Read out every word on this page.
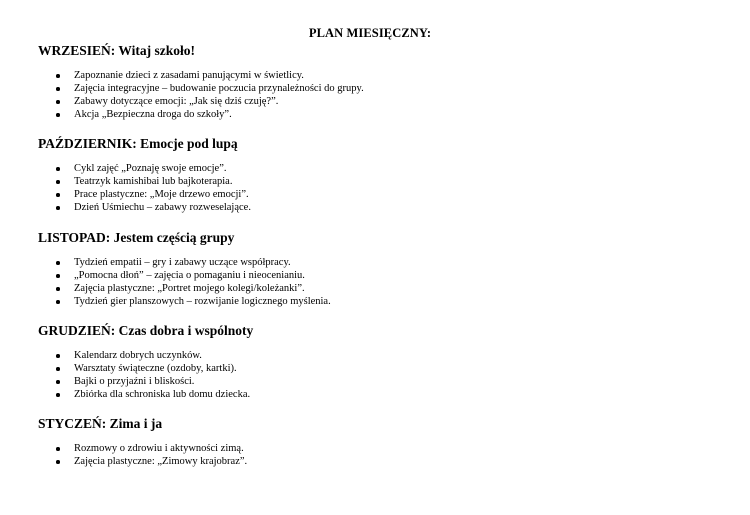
PLAN MIESIĘCZNY:
WRZESIEŃ: Witaj szkoło!
Zapoznanie dzieci z zasadami panującymi w świetlicy.
Zajęcia integracyjne – budowanie poczucia przynależności do grupy.
Zabawy dotyczące emocji: „Jak się dziś czuję?”.
Akcja „Bezpieczna droga do szkoły”.
PAŹDZIERNIK: Emocje pod lupą
Cykl zajęć „Poznaję swoje emocje”.
Teatrzyk kamishibai lub bajkoterapia.
Prace plastyczne: „Moje drzewo emocji”.
Dzień Uśmiechu – zabawy rozweselające.
LISTOPAD: Jestem częścią grupy
Tydzień empatii – gry i zabawy uczące współpracy.
„Pomocna dłoń” – zajęcia o pomaganiu i nieocenianiu.
Zajęcia plastyczne: „Portret mojego kolegi/koleżanki”.
Tydzień gier planszowych – rozwijanie logicznego myślenia.
GRUDZIEŃ: Czas dobra i wspólnoty
Kalendarz dobrych uczynków.
Warsztaty świąteczne (ozdoby, kartki).
Bajki o przyjaźni i bliskości.
Zbiórka dla schroniska lub domu dziecka.
STYCZEŃ: Zima i ja
Rozmowy o zdrowiu i aktywności zimą.
Zajęcia plastyczne: „Zimowy krajobraz”.
